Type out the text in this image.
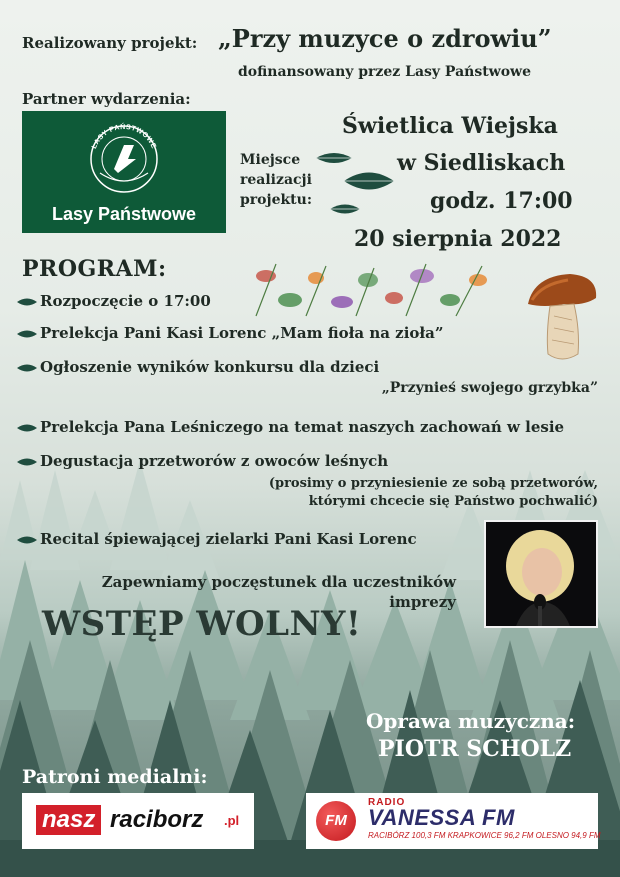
Realizowany projekt: „Przy muzyce o zdrowiu”
dofinansowany przez Lasy Państwowe
Partner wydarzenia:
LASY PAŃSTWOWE
Lasy Państwowe
Miejsce
realizacji
projektu:
Świetlica Wiejska
w Siedliskach
godz. 17:00
20 sierpnia 2022
PROGRAM:
Rozpoczęcie o 17:00
Prelekcja Pani Kasi Lorenc „Mam fioła na zioła”
Ogłoszenie wyników konkursu dla dzieci
„Przynieś swojego grzybka”
Prelekcja Pana Leśniczego na temat naszych zachowań w lesie
Degustacja przetworów z owoców leśnych
(prosimy o przyniesienie ze sobą przetworów,
którymi chcecie się Państwo pochwalić)
Recital śpiewającej zielarki Pani Kasi Lorenc
Zapewniamy poczęstunek dla uczestników
imprezy
WSTĘP WOLNY!
Oprawa muzyczna:
PIOTR SCHOLZ
Patroni medialni:
nasz raciborz .pl	FM
RADIO
VANESSA FM
RACIBÓRZ 100,3 FM KRAPKOWICE 96,2 FM OLESNO 94,9 FM
